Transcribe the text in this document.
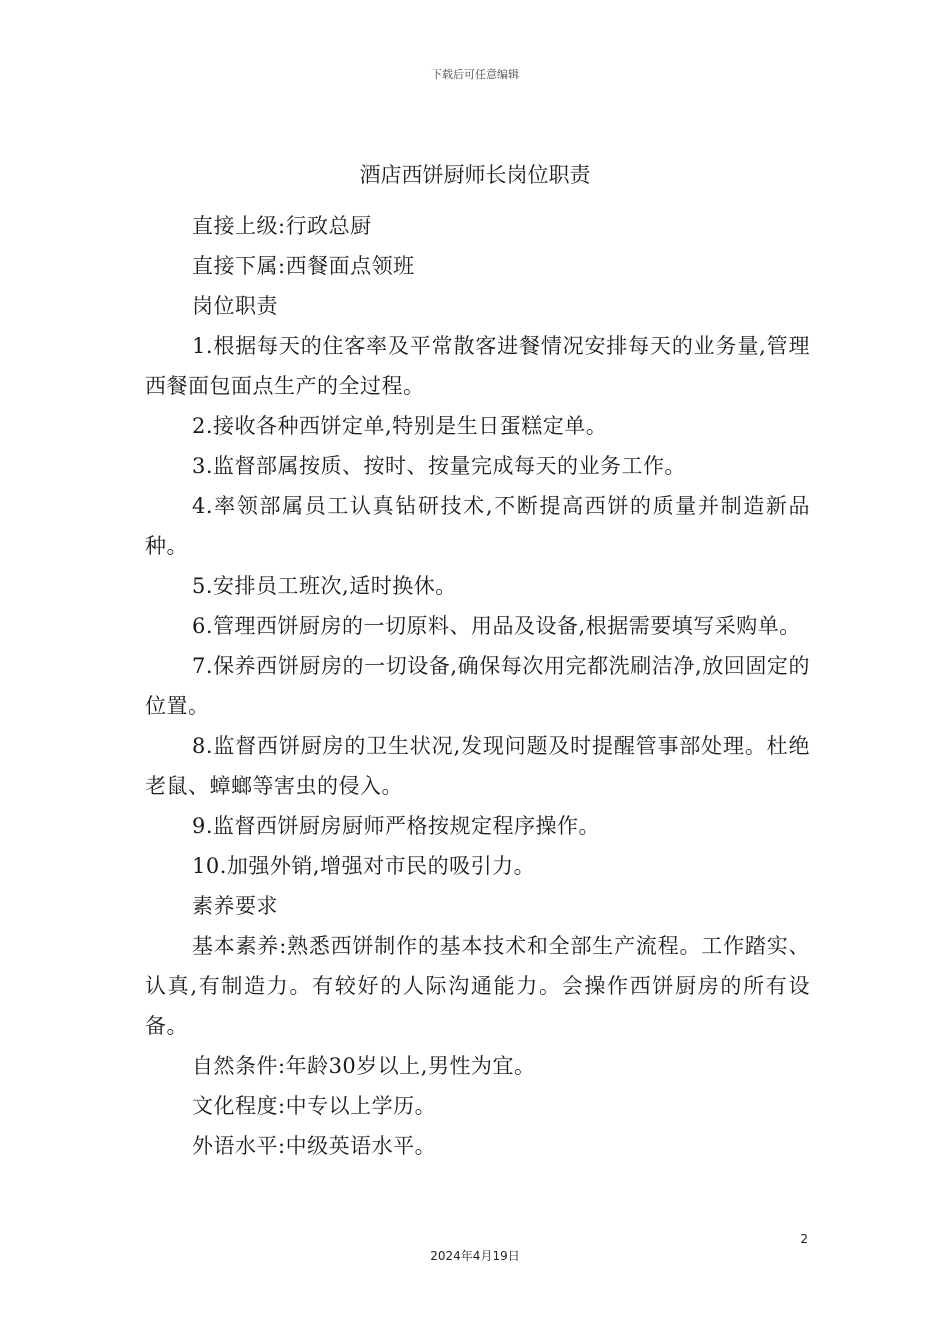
下载后可任意编辑
酒店西饼厨师长岗位职责

直接上级:行政总厨

直接下属:西餐面点领班

岗位职责

1.根据每天的住客率及平常散客进餐情况安排每天的业务量,管理西餐面包面点生产的全过程。

2.接收各种西饼定单,特别是生日蛋糕定单。

3.监督部属按质、按时、按量完成每天的业务工作。

4.率领部属员工认真钻研技术,不断提高西饼的质量并制造新品种。

5.安排员工班次,适时换休。

6.管理西饼厨房的一切原料、用品及设备,根据需要填写采购单。

7.保养西饼厨房的一切设备,确保每次用完都洗刷洁净,放回固定的位置。

8.监督西饼厨房的卫生状况,发现问题及时提醒管事部处理。杜绝老鼠、蟑螂等害虫的侵入。

9.监督西饼厨房厨师严格按规定程序操作。

10.加强外销,增强对市民的吸引力。

素养要求

基本素养:熟悉西饼制作的基本技术和全部生产流程。工作踏实、认真,有制造力。有较好的人际沟通能力。会操作西饼厨房的所有设备。

自然条件:年龄30岁以上,男性为宜。

文化程度:中专以上学历。

外语水平:中级英语水平。

2
2024年4月19日
